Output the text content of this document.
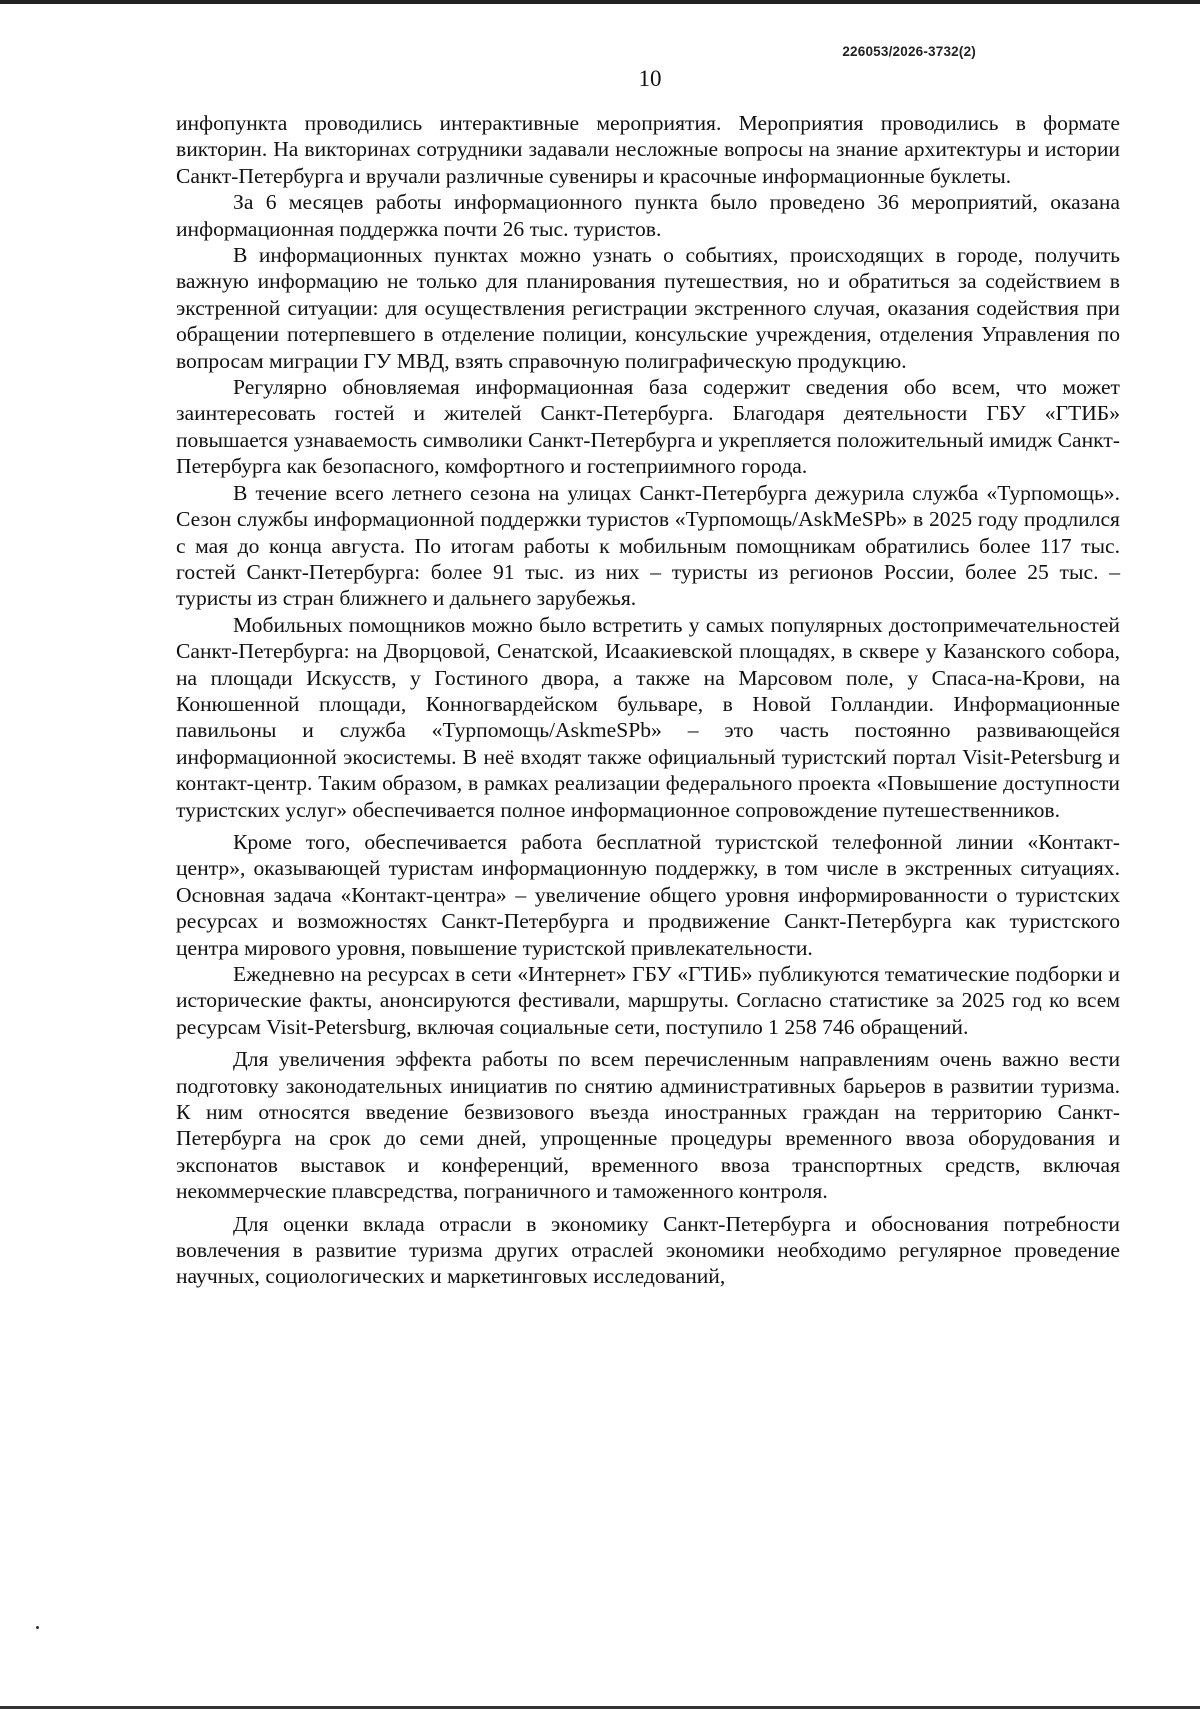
226053/2026-3732(2)
10

инфопункта проводились интерактивные мероприятия. Мероприятия проводились в формате викторин. На викторинах сотрудники задавали несложные вопросы на знание архитектуры и истории Санкт-Петербурга и вручали различные сувениры и красочные информационные буклеты.

За 6 месяцев работы информационного пункта было проведено 36 мероприятий, оказана информационная поддержка почти 26 тыс. туристов.

В информационных пунктах можно узнать о событиях, происходящих в городе, получить важную информацию не только для планирования путешествия, но и обратиться за содействием в экстренной ситуации: для осуществления регистрации экстренного случая, оказания содействия при обращении потерпевшего в отделение полиции, консульские учреждения, отделения Управления по вопросам миграции ГУ МВД, взять справочную полиграфическую продукцию.

Регулярно обновляемая информационная база содержит сведения обо всем, что может заинтересовать гостей и жителей Санкт-Петербурга. Благодаря деятельности ГБУ «ГТИБ» повышается узнаваемость символики Санкт-Петербурга и укрепляется положительный имидж Санкт-Петербурга как безопасного, комфортного и гостеприимного города.

В течение всего летнего сезона на улицах Санкт-Петербурга дежурила служба «Турпомощь». Сезон службы информационной поддержки туристов «Турпомощь/AskMeSPb» в 2025 году продлился с мая до конца августа. По итогам работы к мобильным помощникам обратились более 117 тыс. гостей Санкт-Петербурга: более 91 тыс. из них – туристы из регионов России, более 25 тыс. – туристы из стран ближнего и дальнего зарубежья.

Мобильных помощников можно было встретить у самых популярных достопримечательностей Санкт-Петербурга: на Дворцовой, Сенатской, Исаакиевской площадях, в сквере у Казанского собора, на площади Искусств, у Гостиного двора, а также на Марсовом поле, у Спаса-на-Крови, на Конюшенной площади, Конногвардейском бульваре, в Новой Голландии. Информационные павильоны и служба «Турпомощь/AskmeSPb» – это часть постоянно развивающейся информационной экосистемы. В неё входят также официальный туристский портал Visit-Petersburg и контакт-центр. Таким образом, в рамках реализации федерального проекта «Повышение доступности туристских услуг» обеспечивается полное информационное сопровождение путешественников.

Кроме того, обеспечивается работа бесплатной туристской телефонной линии «Контакт-центр», оказывающей туристам информационную поддержку, в том числе в экстренных ситуациях. Основная задача «Контакт-центра» – увеличение общего уровня информированности о туристских ресурсах и возможностях Санкт-Петербурга и продвижение Санкт-Петербурга как туристского центра мирового уровня, повышение туристской привлекательности.

Ежедневно на ресурсах в сети «Интернет» ГБУ «ГТИБ» публикуются тематические подборки и исторические факты, анонсируются фестивали, маршруты. Согласно статистике за 2025 год ко всем ресурсам Visit-Petersburg, включая социальные сети, поступило 1 258 746 обращений.

Для увеличения эффекта работы по всем перечисленным направлениям очень важно вести подготовку законодательных инициатив по снятию административных барьеров в развитии туризма. К ним относятся введение безвизового въезда иностранных граждан на территорию Санкт-Петербурга на срок до семи дней, упрощенные процедуры временного ввоза оборудования и экспонатов выставок и конференций, временного ввоза транспортных средств, включая некоммерческие плавсредства, пограничного и таможенного контроля.

Для оценки вклада отрасли в экономику Санкт-Петербурга и обоснования потребности вовлечения в развитие туризма других отраслей экономики необходимо регулярное проведение научных, социологических и маркетинговых исследований,
